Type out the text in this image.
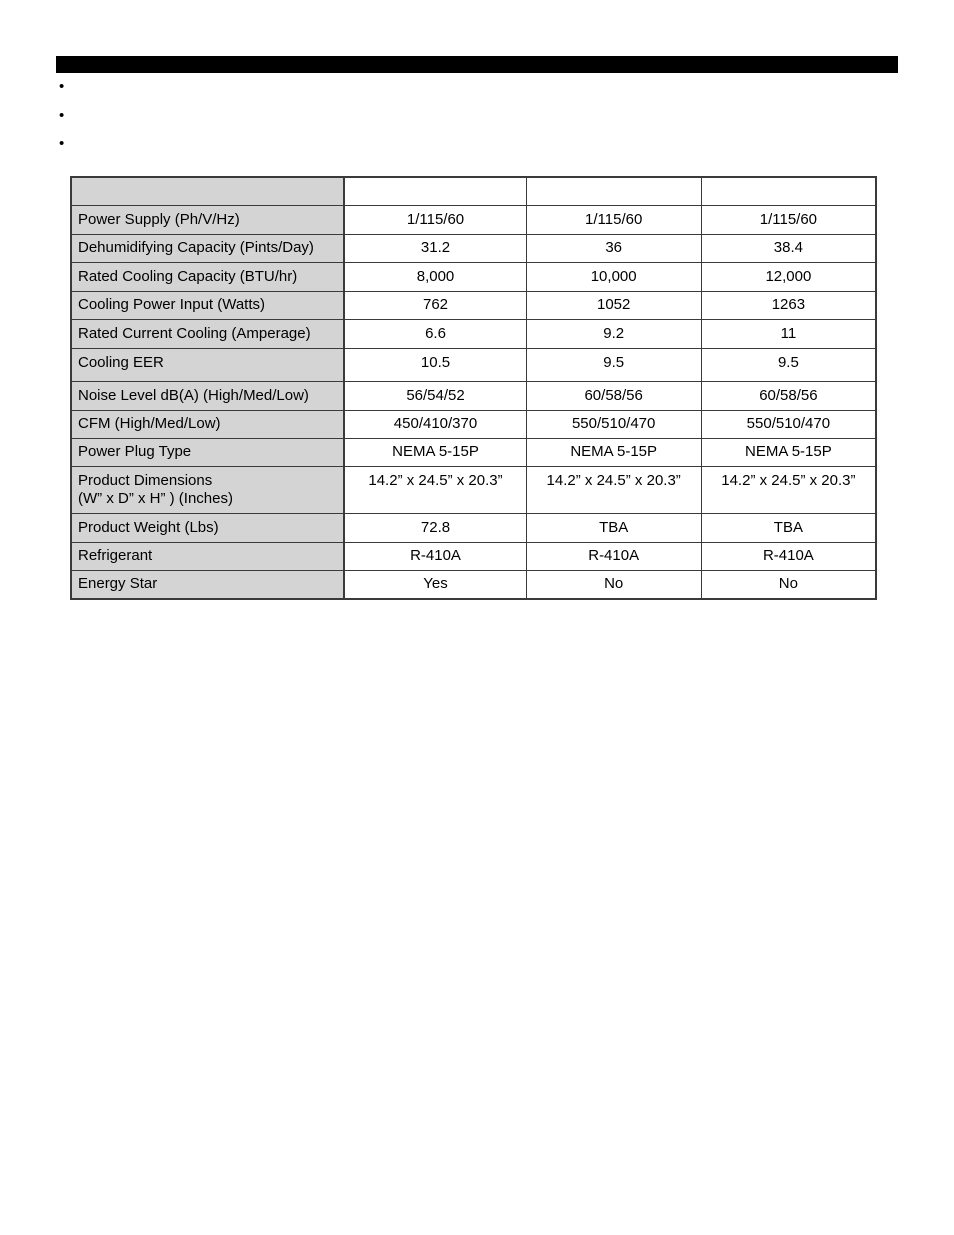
•
•
•

Power Supply (Ph/V/Hz)	1/115/60	1/115/60	1/115/60
Dehumidifying Capacity (Pints/Day)	31.2	36	38.4
Rated Cooling Capacity (BTU/hr)	8,000	10,000	12,000
Cooling Power Input (Watts)	762	1052	1263
Rated Current Cooling (Amperage)	6.6	9.2	11
Cooling EER	10.5	9.5	9.5
Noise Level dB(A) (High/Med/Low)	56/54/52	60/58/56	60/58/56
CFM (High/Med/Low)	450/410/370	550/510/470	550/510/470
Power Plug Type	NEMA 5-15P	NEMA 5-15P	NEMA 5-15P

Product Dimensions
(W” x D” x H” ) (Inches)	14.2” x 24.5” x 20.3”	14.2” x 24.5” x 20.3”	14.2” x 24.5” x 20.3”
Product Weight (Lbs)	72.8	TBA	TBA
Refrigerant	R-410A	R-410A	R-410A
Energy Star	Yes	No	No
